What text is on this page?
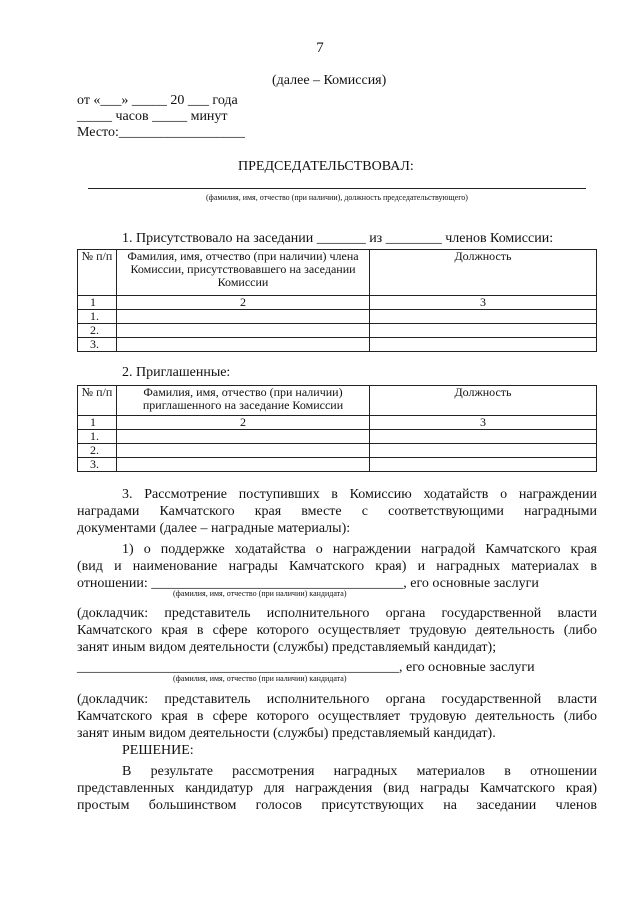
7
(далее – Комиссия)
от «___» _____ 20 ___ года
_____ часов _____ минут
Место:__________________
ПРЕДСЕДАТЕЛЬСТВОВАЛ:
(фамилия, имя, отчество (при наличии), должность председательствующего)
1. Присутствовало на заседании _______ из ________ членов Комиссии:
№ п/п	Фамилия, имя, отчество (при наличии) члена Комиссии, присутствовавшего на заседании Комиссии	Должность
1	2	3
1.		
2.		
3.		
2. Приглашенные:
№ п/п	Фамилия, имя, отчество (при наличии) приглашенного на заседание Комиссии	Должность
1	2	3
1.		
2.		
3.		
3. Рассмотрение поступивших в Комиссию ходатайств о награждении
наградами Камчатского края вместе с соответствующими наградными
документами (далее – наградные материалы):
1) о поддержке ходатайства о награждении наградой Камчатского края
(вид и наименование награды Камчатского края) и наградных материалах в
отношении: ____________________________________, его основные заслуги
(фамилия, имя, отчество (при наличии) кандидата)
(докладчик: представитель исполнительного органа государственной власти
Камчатского края в сфере которого осуществляет трудовую деятельность (либо
занят иным видом деятельности (службы) представляемый кандидат);
______________________________________________, его основные заслуги
(фамилия, имя, отчество (при наличии) кандидата)
(докладчик: представитель исполнительного органа государственной власти
Камчатского края в сфере которого осуществляет трудовую деятельность (либо
занят иным видом деятельности (службы) представляемый кандидат).
РЕШЕНИЕ:
В результате рассмотрения наградных материалов в отношении
представленных кандидатур для награждения (вид награды Камчатского края)
простым большинством голосов присутствующих на заседании членов
